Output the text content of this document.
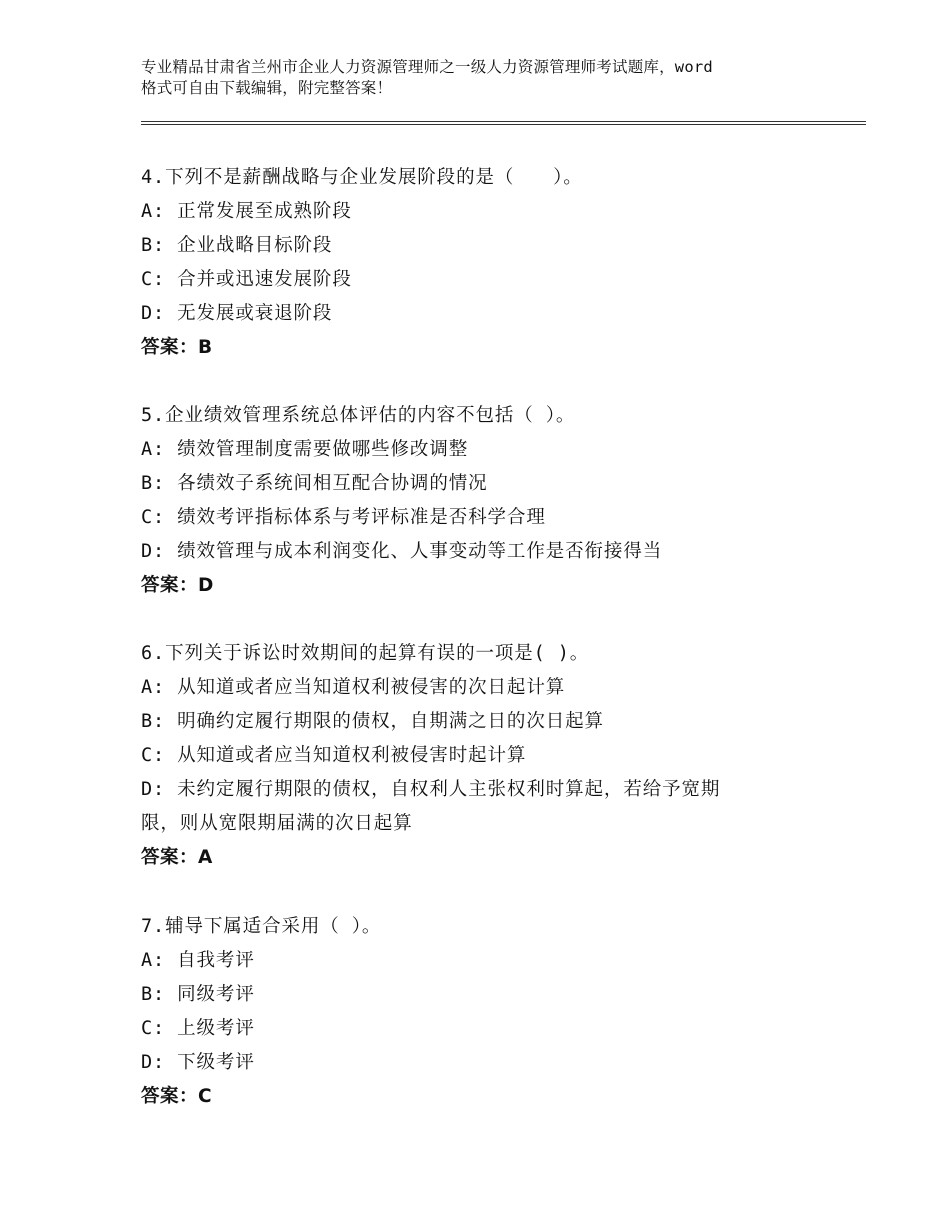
专业精品甘肃省兰州市企业人力资源管理师之一级人力资源管理师考试题库，word
格式可自由下载编辑，附完整答案！
4.下列不是薪酬战略与企业发展阶段的是（　　）。
A: 正常发展至成熟阶段
B: 企业战略目标阶段
C: 合并或迅速发展阶段
D: 无发展或衰退阶段
答案：B
5.企业绩效管理系统总体评估的内容不包括（ ）。
A: 绩效管理制度需要做哪些修改调整
B: 各绩效子系统间相互配合协调的情况
C: 绩效考评指标体系与考评标准是否科学合理
D: 绩效管理与成本利润变化、人事变动等工作是否衔接得当
答案：D
6.下列关于诉讼时效期间的起算有误的一项是( )。
A: 从知道或者应当知道权利被侵害的次日起计算
B: 明确约定履行期限的债权，自期满之日的次日起算
C: 从知道或者应当知道权利被侵害时起计算
D: 未约定履行期限的债权，自权利人主张权利时算起，若给予宽期
限，则从宽限期届满的次日起算
答案：A
7.辅导下属适合采用（ ）。
A: 自我考评
B: 同级考评
C: 上级考评
D: 下级考评
答案：C
